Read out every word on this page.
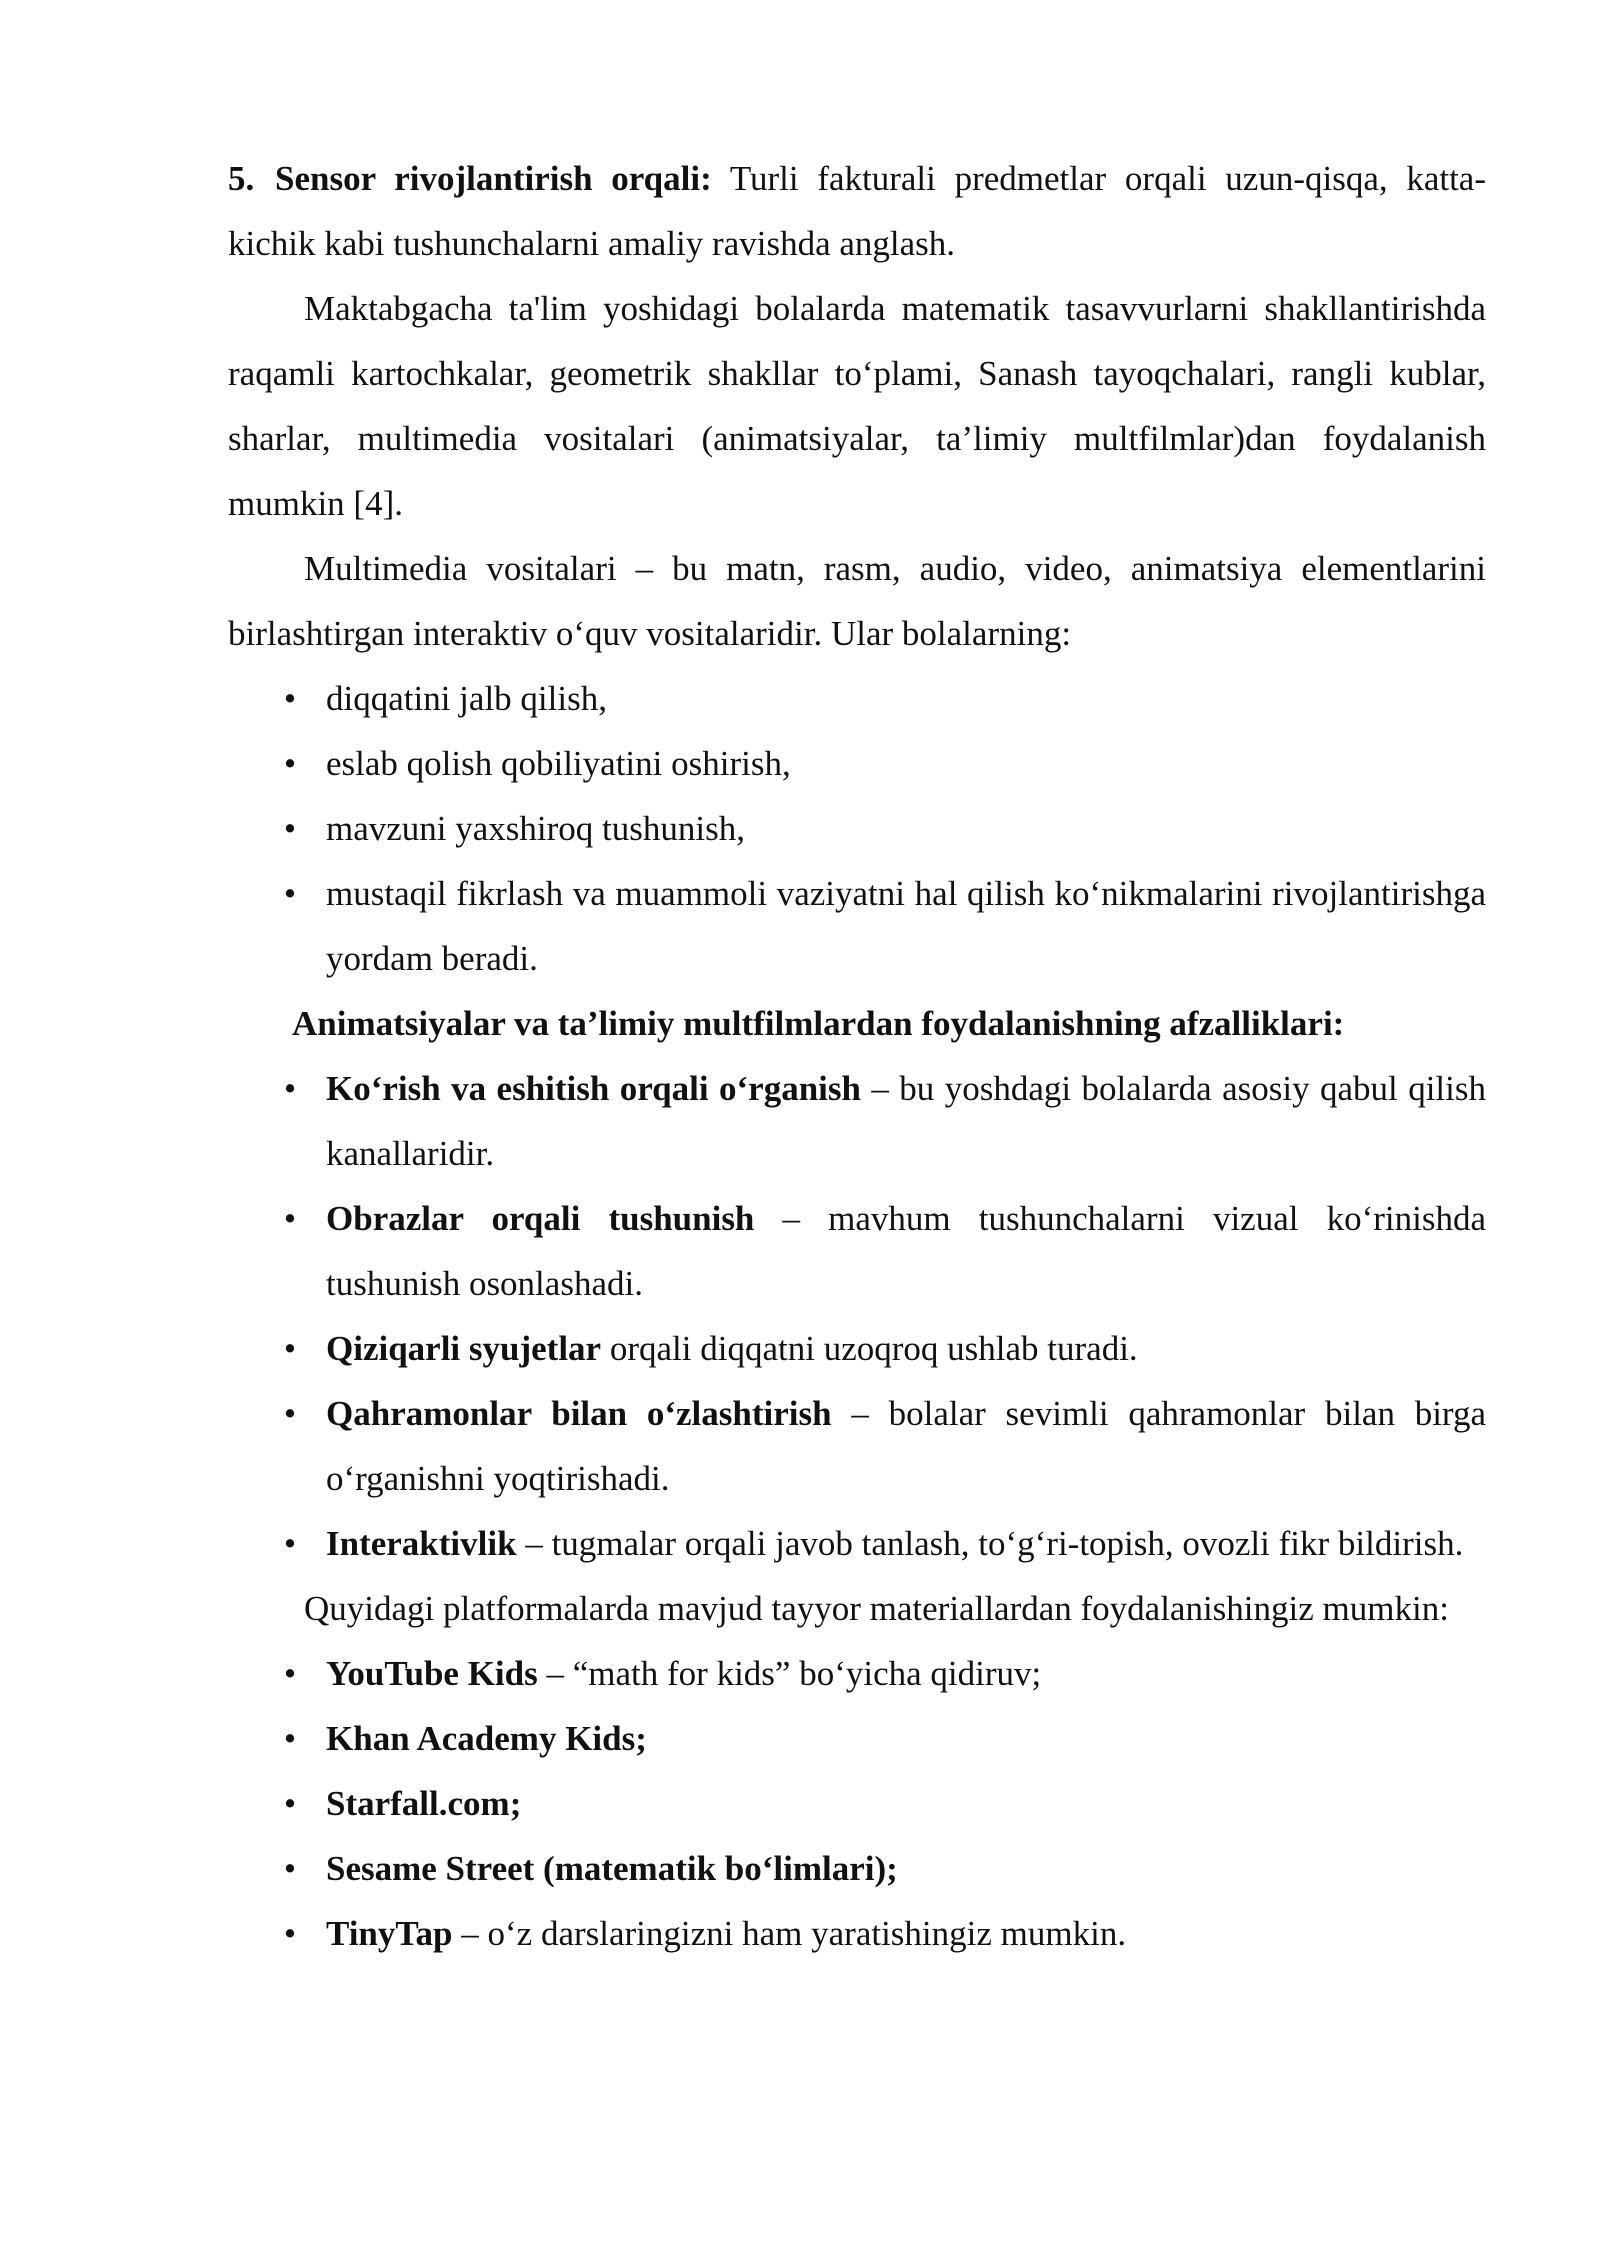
5. Sensor rivojlantirish orqali: Turli fakturali predmetlar orqali uzun-qisqa, katta-kichik kabi tushunchalarni amaliy ravishda anglash.

Maktabgacha ta'lim yoshidagi bolalarda matematik tasavvurlarni shakllantirishda raqamli kartochkalar, geometrik shakllar to‘plami, Sanash tayoqchalari, rangli kublar, sharlar, multimedia vositalari (animatsiyalar, ta’limiy multfilmlar)dan foydalanish mumkin [4].

Multimedia vositalari – bu matn, rasm, audio, video, animatsiya elementlarini birlashtirgan interaktiv o‘quv vositalaridir. Ular bolalarning:

• diqqatini jalb qilish,
• eslab qolish qobiliyatini oshirish,
• mavzuni yaxshiroq tushunish,
• mustaqil fikrlash va muammoli vaziyatni hal qilish ko‘nikmalarini rivojlantirishga yordam beradi.

Animatsiyalar va ta’limiy multfilmlardan foydalanishning afzalliklari:

• Ko‘rish va eshitish orqali o‘rganish – bu yoshdagi bolalarda asosiy qabul qilish kanallaridir.
• Obrazlar orqali tushunish – mavhum tushunchalarni vizual ko‘rinishda tushunish osonlashadi.
• Qiziqarli syujetlar orqali diqqatni uzoqroq ushlab turadi.
• Qahramonlar bilan o‘zlashtirish – bolalar sevimli qahramonlar bilan birga o‘rganishni yoqtirishadi.
• Interaktivlik – tugmalar orqali javob tanlash, to‘g‘ri-topish, ovozli fikr bildirish.

Quyidagi platformalarda mavjud tayyor materiallardan foydalanishingiz mumkin:

• YouTube Kids – “math for kids” bo‘yicha qidiruv;
• Khan Academy Kids;
• Starfall.com;
• Sesame Street (matematik bo‘limlari);
• TinyTap – o‘z darslaringizni ham yaratishingiz mumkin.
